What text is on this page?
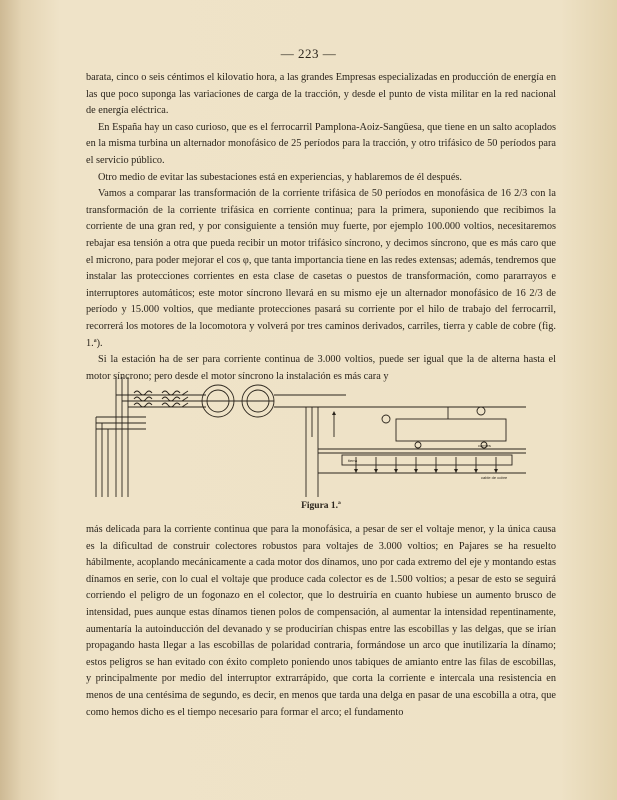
— 223 —

barata, cinco o seis céntimos el kilovatio hora, a las grandes Empresas especializadas en producción de energía en las que poco suponga las variaciones de carga de la tracción, y desde el punto de vista militar en la red nacional de energía eléctrica.

En España hay un caso curioso, que es el ferrocarril Pamplona-Aoiz-Sangüesa, que tiene en un salto acoplados en la misma turbina un alternador monofásico de 25 períodos para la tracción, y otro trifásico de 50 períodos para el servicio público.

Otro medio de evitar las subestaciones está en experiencias, y hablaremos de él después.

Vamos a comparar las transformación de la corriente trifásica de 50 períodos en monofásica de 16 2/3 con la transformación de la corriente trifásica en corriente continua; para la primera, suponiendo que recibimos la corriente de una gran red, y por consiguiente a tensión muy fuerte, por ejemplo 100.000 voltios, necesitaremos rebajar esa tensión a otra que pueda recibir un motor trifásico síncrono, y decimos síncrono, que es más caro que el microno, para poder mejorar el cos φ, que tanta importancia tiene en las redes extensas; además, tendremos que instalar las protecciones corrientes en esta clase de casetas o puestos de transformación, como pararrayos e interruptores automáticos; este motor síncrono llevará en su mismo eje un alternador monofásico de 16 2/3 de período y 15.000 voltios, que mediante protecciones pasará su corriente por el hilo de trabajo del ferrocarril, recorrerá los motores de la locomotora y volverá por tres caminos derivados, carriles, tierra y cable de cobre (fig. 1.ª).

Si la estación ha de ser para corriente continua de 3.000 voltios, puede ser igual que la de alterna hasta el motor síncrono; pero desde el motor síncrono la instalación es más cara y

carriles
cable de cobre
tierra
Figura 1.ª

más delicada para la corriente continua que para la monofásica, a pesar de ser el voltaje menor, y la única causa es la dificultad de construir colectores robustos para voltajes de 3.000 voltios; en Pajares se ha resuelto hábilmente, acoplando mecánicamente a cada motor dos dínamos, uno por cada extremo del eje y montando estas dínamos en serie, con lo cual el voltaje que produce cada colector es de 1.500 voltios; a pesar de esto se seguirá corriendo el peligro de un fogonazo en el colector, que lo destruiría en cuanto hubiese un aumento brusco de intensidad, pues aunque estas dínamos tienen polos de compensación, al aumentar la intensidad repentinamente, aumentaría la autoinducción del devanado y se producirían chispas entre las escobillas y las delgas, que se irían propagando hasta llegar a las escobillas de polaridad contraria, formándose un arco que inutilizaría la dínamo; estos peligros se han evitado con éxito completo poniendo unos tabiques de amianto entre las filas de escobillas, y principalmente por medio del interruptor extrarrápido, que corta la corriente e intercala una resistencia en menos de una centésima de segundo, es decir, en menos que tarda una delga en pasar de una escobilla a otra, que como hemos dicho es el tiempo necesario para formar el arco; el fundamento
